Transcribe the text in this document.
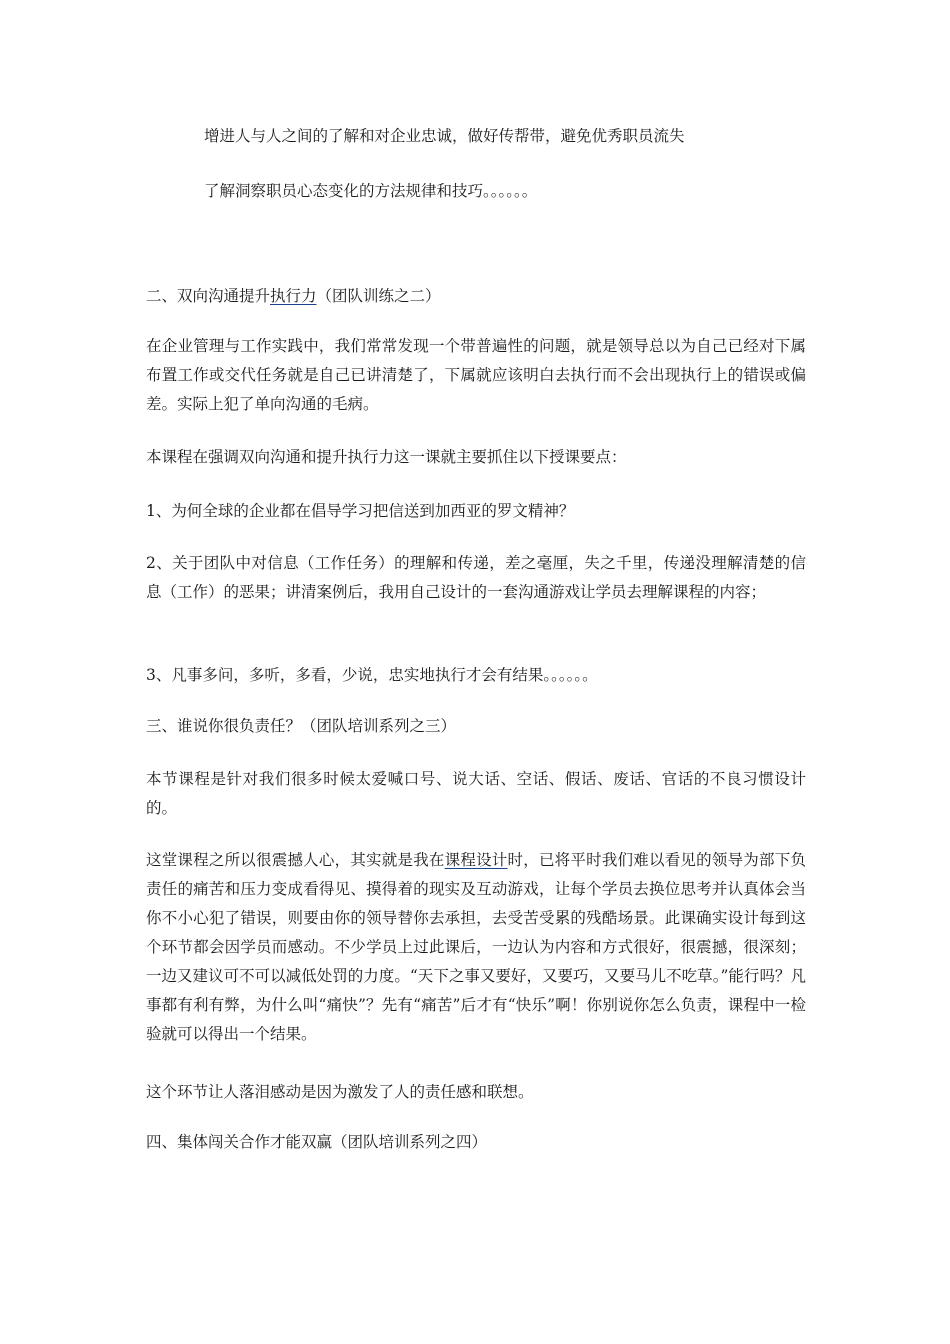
增进人与人之间的了解和对企业忠诚，做好传帮带，避免优秀职员流失

了解洞察职员心态变化的方法规律和技巧。。。。。。

二、双向沟通提升执行力（团队训练之二）

在企业管理与工作实践中，我们常常发现一个带普遍性的问题，就是领导总以为自己已经对下属布置工作或交代任务就是自己已讲清楚了，下属就应该明白去执行而不会出现执行上的错误或偏差。实际上犯了单向沟通的毛病。

本课程在强调双向沟通和提升执行力这一课就主要抓住以下授课要点：

1、为何全球的企业都在倡导学习把信送到加西亚的罗文精神？

2、关于团队中对信息（工作任务）的理解和传递，差之毫厘，失之千里，传递没理解清楚的信息（工作）的恶果；讲清案例后，我用自己设计的一套沟通游戏让学员去理解课程的内容；

3、凡事多问，多听，多看，少说，忠实地执行才会有结果。。。。。。

三、谁说你很负责任？（团队培训系列之三）

本节课程是针对我们很多时候太爱喊口号、说大话、空话、假话、废话、官话的不良习惯设计的。

这堂课程之所以很震撼人心，其实就是我在课程设计时，已将平时我们难以看见的领导为部下负责任的痛苦和压力变成看得见、摸得着的现实及互动游戏，让每个学员去换位思考并认真体会当你不小心犯了错误，则要由你的领导替你去承担，去受苦受累的残酷场景。此课确实设计每到这个环节都会因学员而感动。不少学员上过此课后，一边认为内容和方式很好，很震撼，很深刻；一边又建议可不可以减低处罚的力度。“天下之事又要好，又要巧，又要马儿不吃草。”能行吗？凡事都有利有弊，为什么叫“痛快”？先有“痛苦”后才有“快乐”啊！你别说你怎么负责，课程中一检验就可以得出一个结果。

这个环节让人落泪感动是因为激发了人的责任感和联想。

四、集体闯关合作才能双赢（团队培训系列之四）
